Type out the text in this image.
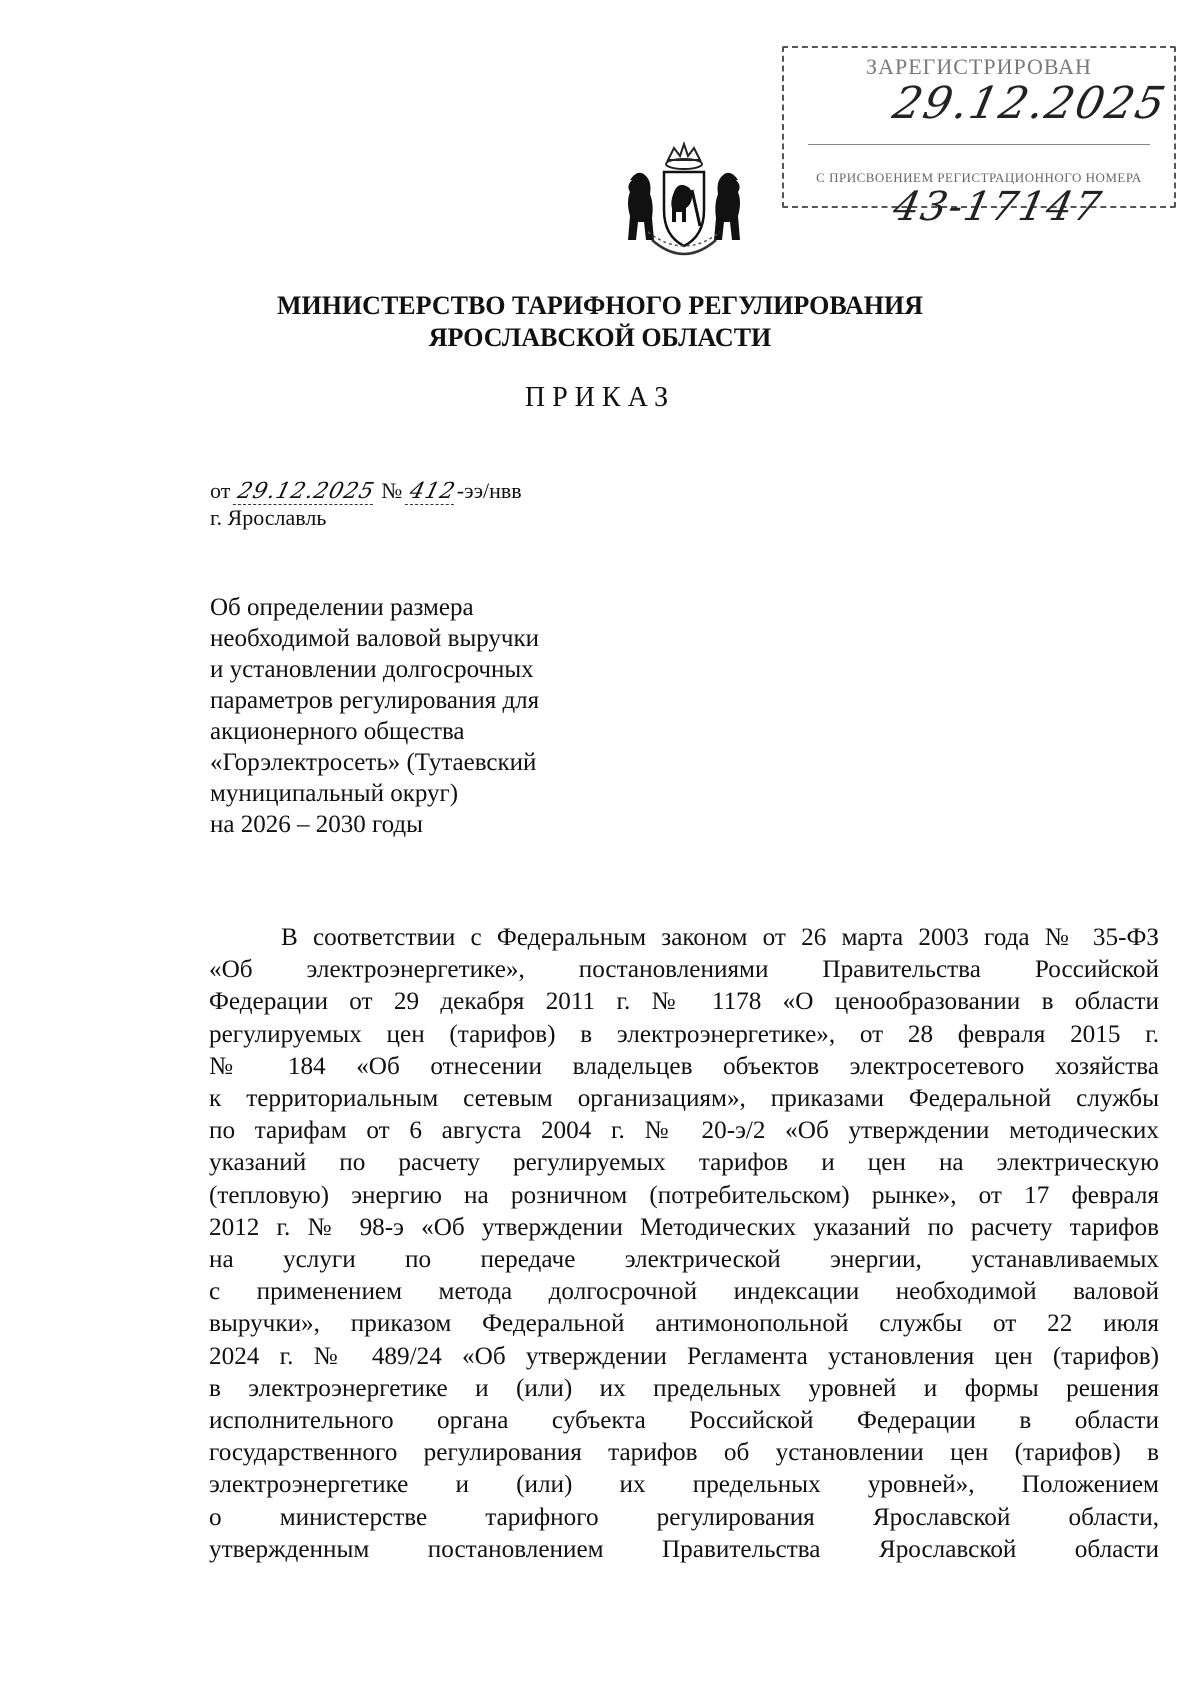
ЗАРЕГИСТРИРОВАН
29.12.2025
С ПРИСВОЕНИЕМ РЕГИСТРАЦИОННОГО НОМЕРА
43-17147
МИНИСТЕРСТВО ТАРИФНОГО РЕГУЛИРОВАНИЯ
ЯРОСЛАВСКОЙ ОБЛАСТИ
ПРИКАЗ
от 29.12.2025 № 412-ээ/нвв
г. Ярославль
Об определении размера
необходимой валовой выручки
и установлении долгосрочных
параметров регулирования для
акционерного общества
«Горэлектросеть» (Тутаевский
муниципальный округ)
на 2026 – 2030 годы
В соответствии с Федеральным законом от 26 марта 2003 года № 35-ФЗ
«Об электроэнергетике», постановлениями Правительства Российской
Федерации от 29 декабря 2011 г. № 1178 «О ценообразовании в области
регулируемых цен (тарифов) в электроэнергетике», от 28 февраля 2015 г.
№ 184 «Об отнесении владельцев объектов электросетевого хозяйства
к территориальным сетевым организациям», приказами Федеральной службы
по тарифам от 6 августа 2004 г. № 20-э/2 «Об утверждении методических
указаний по расчету регулируемых тарифов и цен на электрическую
(тепловую) энергию на розничном (потребительском) рынке», от 17 февраля
2012 г. № 98-э «Об утверждении Методических указаний по расчету тарифов
на услуги по передаче электрической энергии, устанавливаемых
с применением метода долгосрочной индексации необходимой валовой
выручки», приказом Федеральной антимонопольной службы от 22 июля
2024 г. № 489/24 «Об утверждении Регламента установления цен (тарифов)
в электроэнергетике и (или) их предельных уровней и формы решения
исполнительного органа субъекта Российской Федерации в области
государственного регулирования тарифов об установлении цен (тарифов) в
электроэнергетике и (или) их предельных уровней», Положением
о министерстве тарифного регулирования Ярославской области,
утвержденным постановлением Правительства Ярославской области
